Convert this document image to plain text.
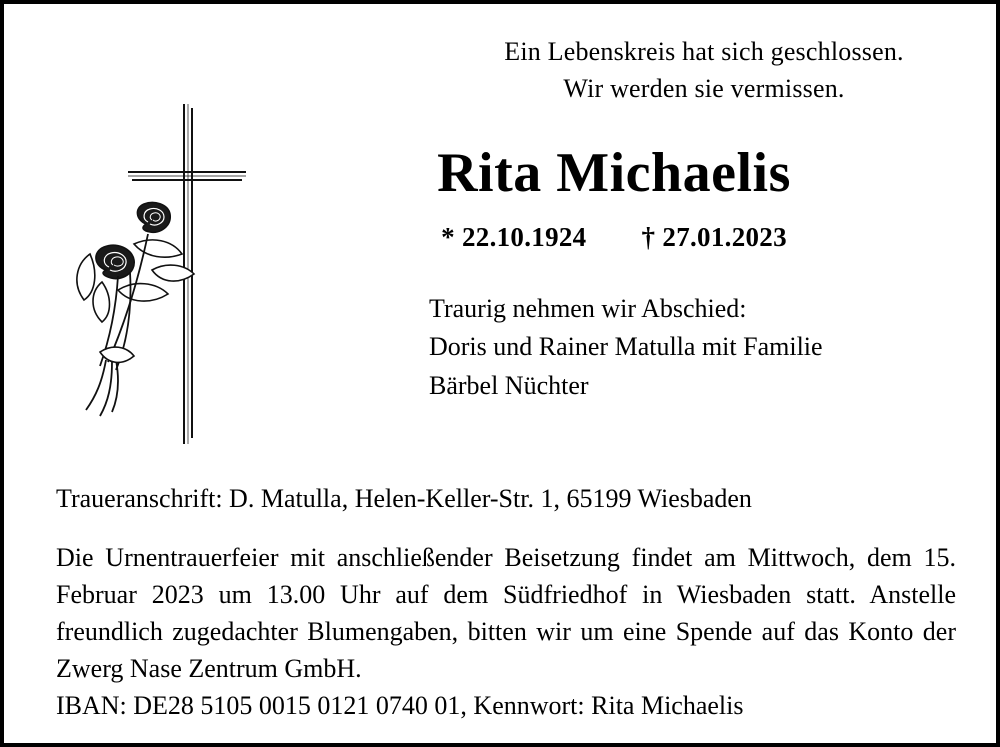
Ein Lebenskreis hat sich geschlossen.
Wir werden sie vermissen.
Rita Michaelis
* 22.10.1924 † 27.01.2023
Traurig nehmen wir Abschied:
Doris und Rainer Matulla mit Familie
Bärbel Nüchter
Traueranschrift: D. Matulla, Helen-Keller-Str. 1, 65199 Wiesbaden
Die Urnentrauerfeier mit anschließender Beisetzung findet am Mittwoch, dem 15. Februar 2023 um 13.00 Uhr auf dem Südfriedhof in Wiesbaden statt. Anstelle freundlich zugedachter Blumengaben, bitten wir um eine Spende auf das Konto der Zwerg Nase Zentrum GmbH.
IBAN: DE28 5105 0015 0121 0740 01, Kennwort: Rita Michaelis
